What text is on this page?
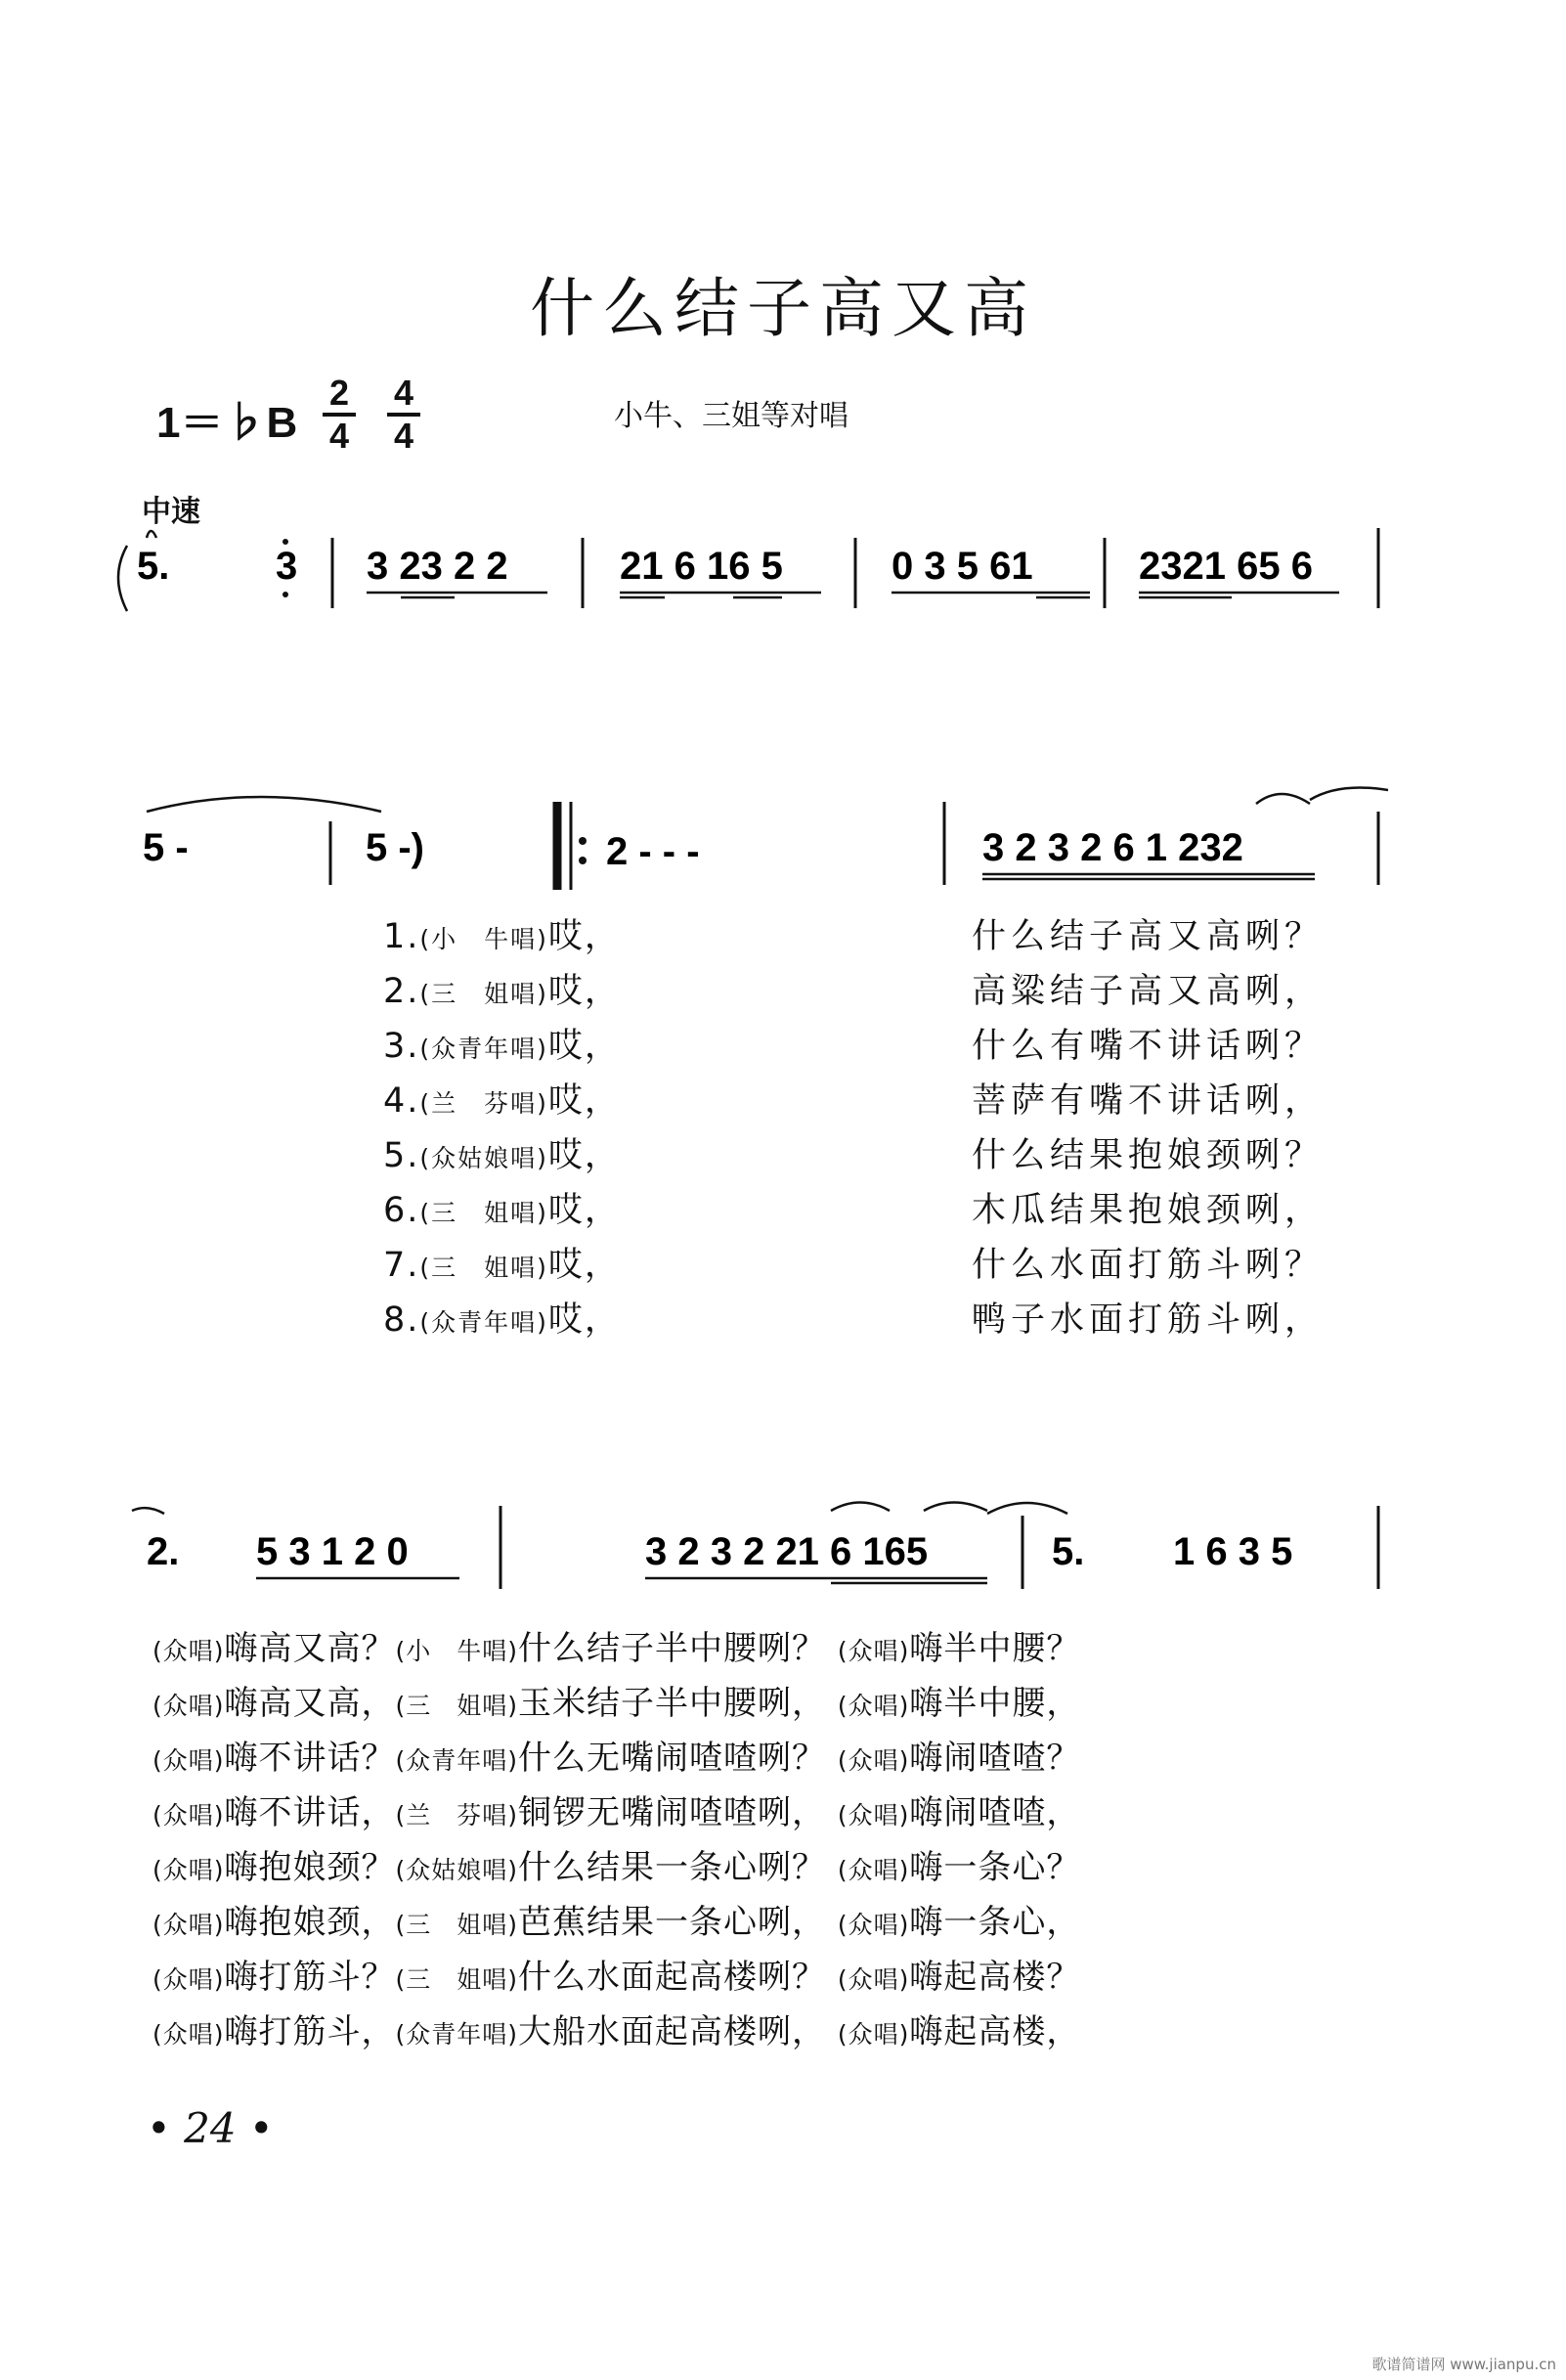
什么结子高又高
1＝♭B $\frac{2}{4} \frac{4}{4}$	小牛、三姐等对唱
中速
5.	3 3 23 2 2	21 6 16 5	0 3 5 61	2321 65 6
5 -	5 -)	2 - - -	3 2 3 2 6 1 232
1.(小　牛唱)哎，	什么结子高又高咧？
2.(三　姐唱)哎，	高粱结子高又高咧，
3.(众青年唱)哎，	什么有嘴不讲话咧？
4.(兰　芬唱)哎，	菩萨有嘴不讲话咧，
5.(众姑娘唱)哎，	什么结果抱娘颈咧？
6.(三　姐唱)哎，	木瓜结果抱娘颈咧，
7.(三　姐唱)哎，	什么水面打筋斗咧？
8.(众青年唱)哎，	鸭子水面打筋斗咧，
2. 5 3 1 2 0	3 2 3 2 21 6 165	5. 1 6 3 5
(众唱)嗨高又高？(小　牛唱)什么结子半中腰咧？ (众唱)嗨半中腰？
(众唱)嗨高又高，(三　姐唱)玉米结子半中腰咧， (众唱)嗨半中腰，
(众唱)嗨不讲话？(众青年唱)什么无嘴闹喳喳咧？ (众唱)嗨闹喳喳？
(众唱)嗨不讲话，(兰　芬唱)铜锣无嘴闹喳喳咧， (众唱)嗨闹喳喳，
(众唱)嗨抱娘颈？(众姑娘唱)什么结果一条心咧？ (众唱)嗨一条心？
(众唱)嗨抱娘颈，(三　姐唱)芭蕉结果一条心咧， (众唱)嗨一条心，
(众唱)嗨打筋斗？(三　姐唱)什么水面起高楼咧？ (众唱)嗨起高楼？
(众唱)嗨打筋斗，(众青年唱)大船水面起高楼咧， (众唱)嗨起高楼，
• 24 •
歌谱简谱网 www.jianpu.cn
